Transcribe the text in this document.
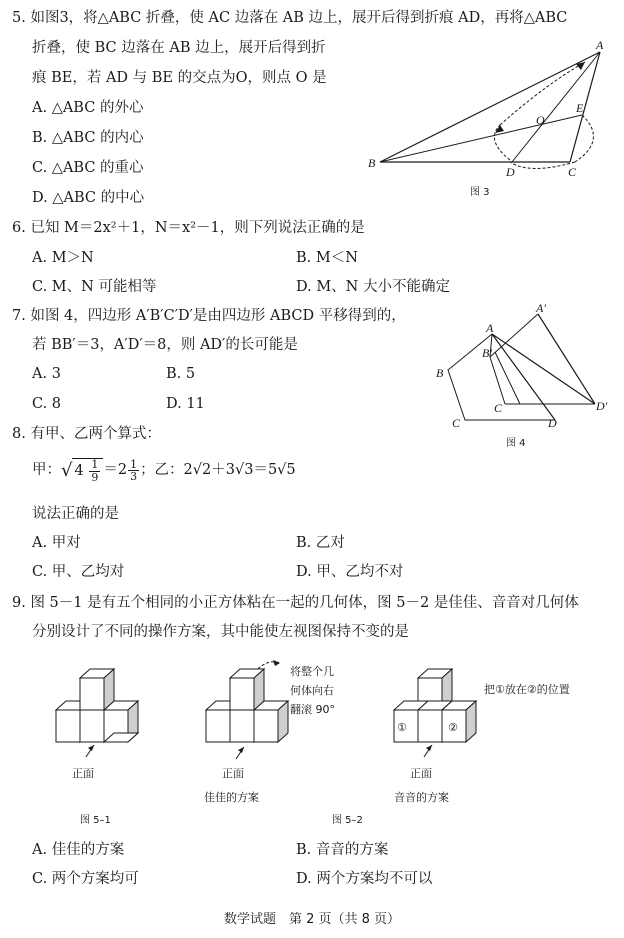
5. 如图3，将△ABC 折叠，使 AC 边落在 AB 边上，展开后得到折痕 AD，再将△ABC
折叠，使 BC 边落在 AB 边上，展开后得到折
痕 BE，若 AD 与 BE 的交点为O，则点 O 是
A. △ABC 的外心
B. △ABC 的内心
C. △ABC 的重心
D. △ABC 的中心
A
B
C
D
E
O
图 3
6. 已知 M＝2x²＋1，N＝x²－1，则下列说法正确的是
A. M＞N	B. M＜N
C. M、N 可能相等	D. M、N 大小不能确定
7. 如图 4，四边形 A′B′C′D′是由四边形 ABCD 平移得到的，
若 BB′＝3，A′D′＝8，则 AD′的长可能是
A. 3	B. 5
C. 8	D. 11
A
A′
B
B′
C
C	D
D′
图 4
8. 有甲、乙两个算式：
甲： √ $4 \frac{1}{9} =2 \frac{1}{3}$ ；乙：2√2＋3√3＝5√5
说法正确的是
A. 甲对	B. 乙对
C. 甲、乙均对	D. 甲、乙均不对
9. 图 5－1 是有五个相同的小正方体粘在一起的几何体，图 5－2 是佳佳、音音对几何体
分别设计了不同的操作方案，其中能使左视图保持不变的是
正面
图 5–1
正面
将整个几
何体向右
翻滚 90°
佳佳的方案
①	②
正面
把①放在②的位置
音音的方案
图 5–2
A. 佳佳的方案	B. 音音的方案
C. 两个方案均可	D. 两个方案均不可以
数学试题　第 2 页（共 8 页）
